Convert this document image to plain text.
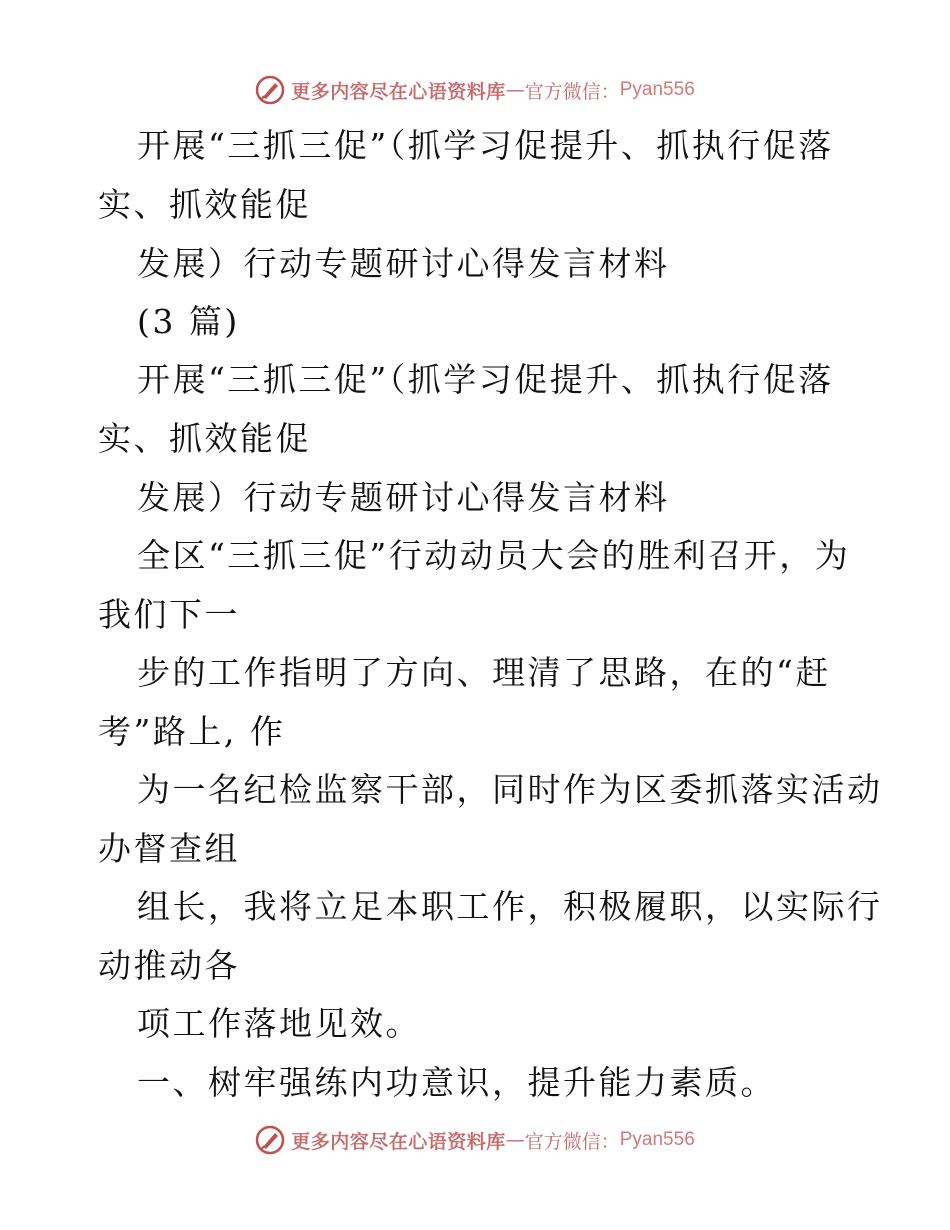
更多内容尽在心语资料库 — 官方微信： Pyan556
开展“三抓三促”（抓学习促提升、抓执行促落
实、抓效能促
发展）行动专题研讨心得发言材料
(3 篇)
开展“三抓三促”（抓学习促提升、抓执行促落
实、抓效能促
发展）行动专题研讨心得发言材料
全区“三抓三促”行动动员大会的胜利召开，为
我们下一
步的工作指明了方向、理清了思路，在的“赶
考”路上, 作
为一名纪检监察干部，同时作为区委抓落实活动
办督查组
组长，我将立足本职工作，积极履职，以实际行
动推动各
项工作落地见效。
一、树牢强练内功意识，提升能力素质。
更多内容尽在心语资料库 — 官方微信： Pyan556
